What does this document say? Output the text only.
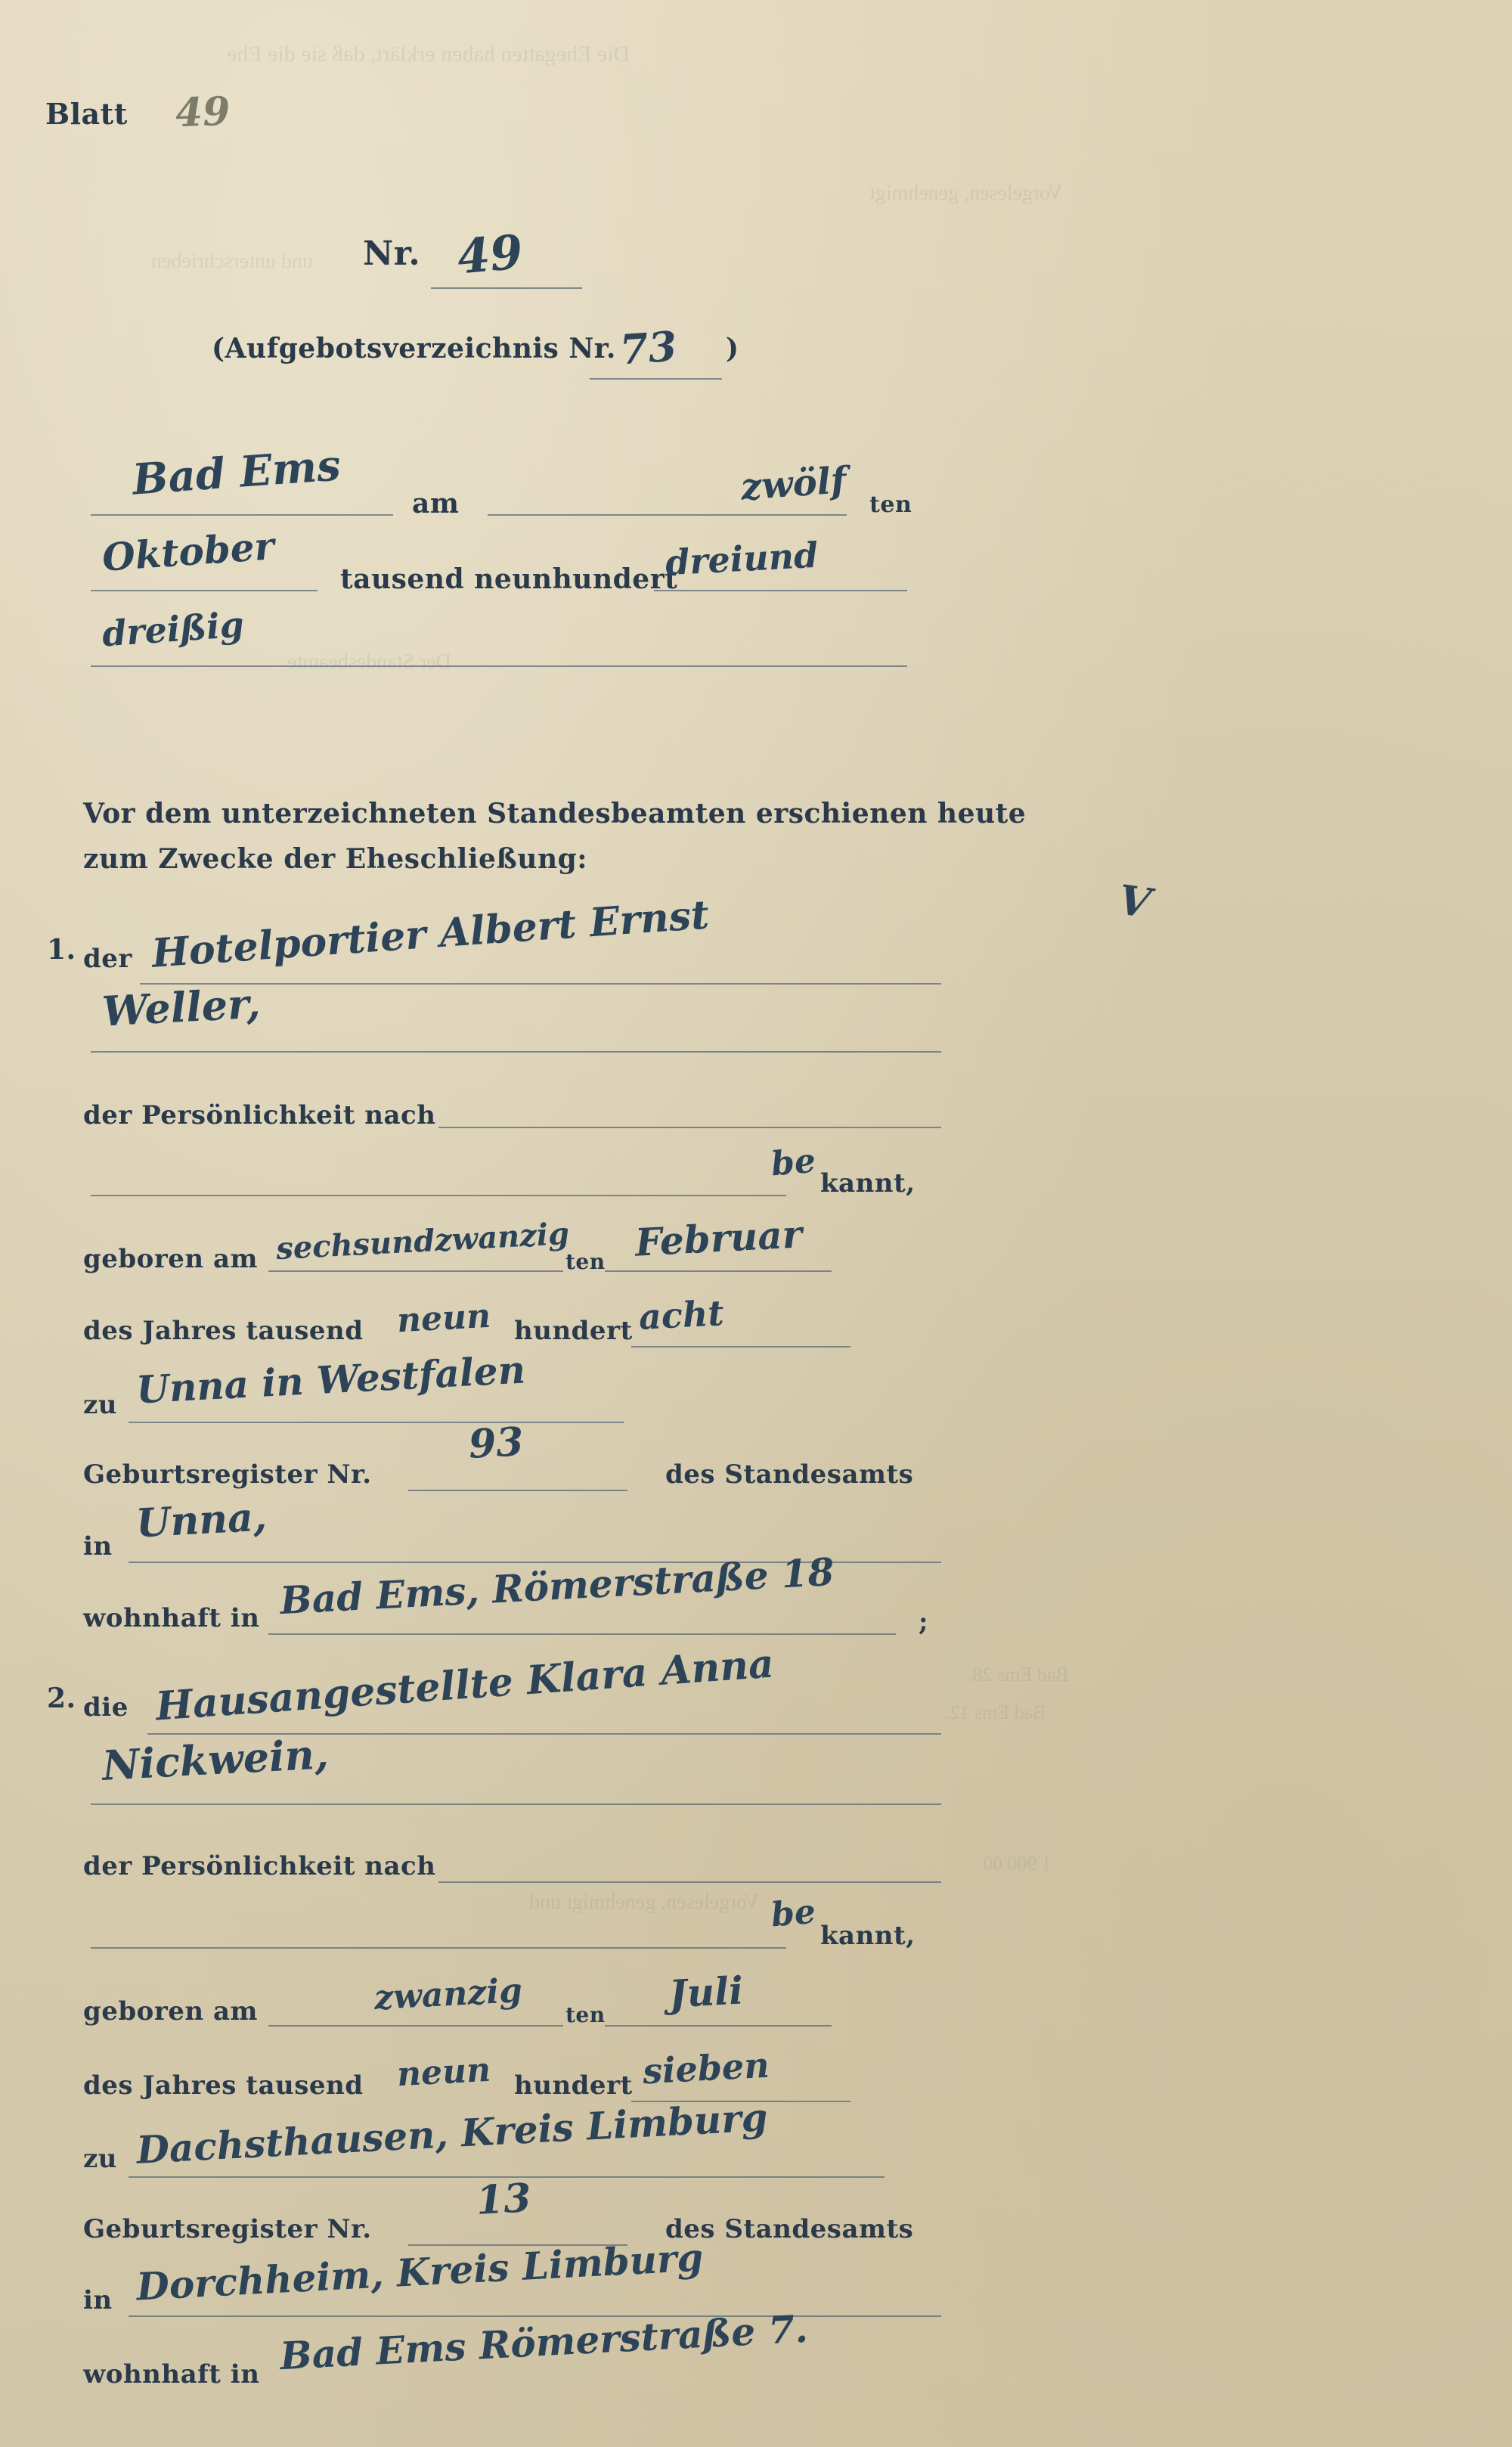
Die Ehegatten haben erklärt, daß sie die Ehe
Vorgelesen, genehmigt
und unterschrieben
Der Standesbeamte
Bad Ems 28.
Bad Ems 12.
1 900 00
Vorgelesen, genehmigt und
Blatt 49
Nr. 49
(Aufgebotsverzeichnis Nr. 73 )
Bad Ems	am	zwölf ten
Oktober tausend neunhundert
dreiund
dreißig
Vor dem unterzeichneten Standesbeamten erschienen heute
zum Zwecke der Eheschließung:
V
1. der Hotelportier Albert Ernst
Weller,
der Persönlichkeit nach
be kannt,
geboren am sechsundzwanzig
ten Februar
des Jahres tausend neun hundert acht
zu Unna in Westfalen
Geburtsregister Nr.
93
des Standesamts
in Unna,
wohnhaft in Bad Ems, Römerstraße 18	;
2. die Hausangestellte Klara Anna
Nickwein,
der Persönlichkeit nach
be
kannt,
geboren am	zwanzig ten Juli
des Jahres tausend neun hundert sieben
zu Dachsthausen, Kreis Limburg
Geburtsregister Nr.
13
des Standesamts
in Dorchheim, Kreis Limburg
wohnhaft in Bad Ems Römerstraße 7.
